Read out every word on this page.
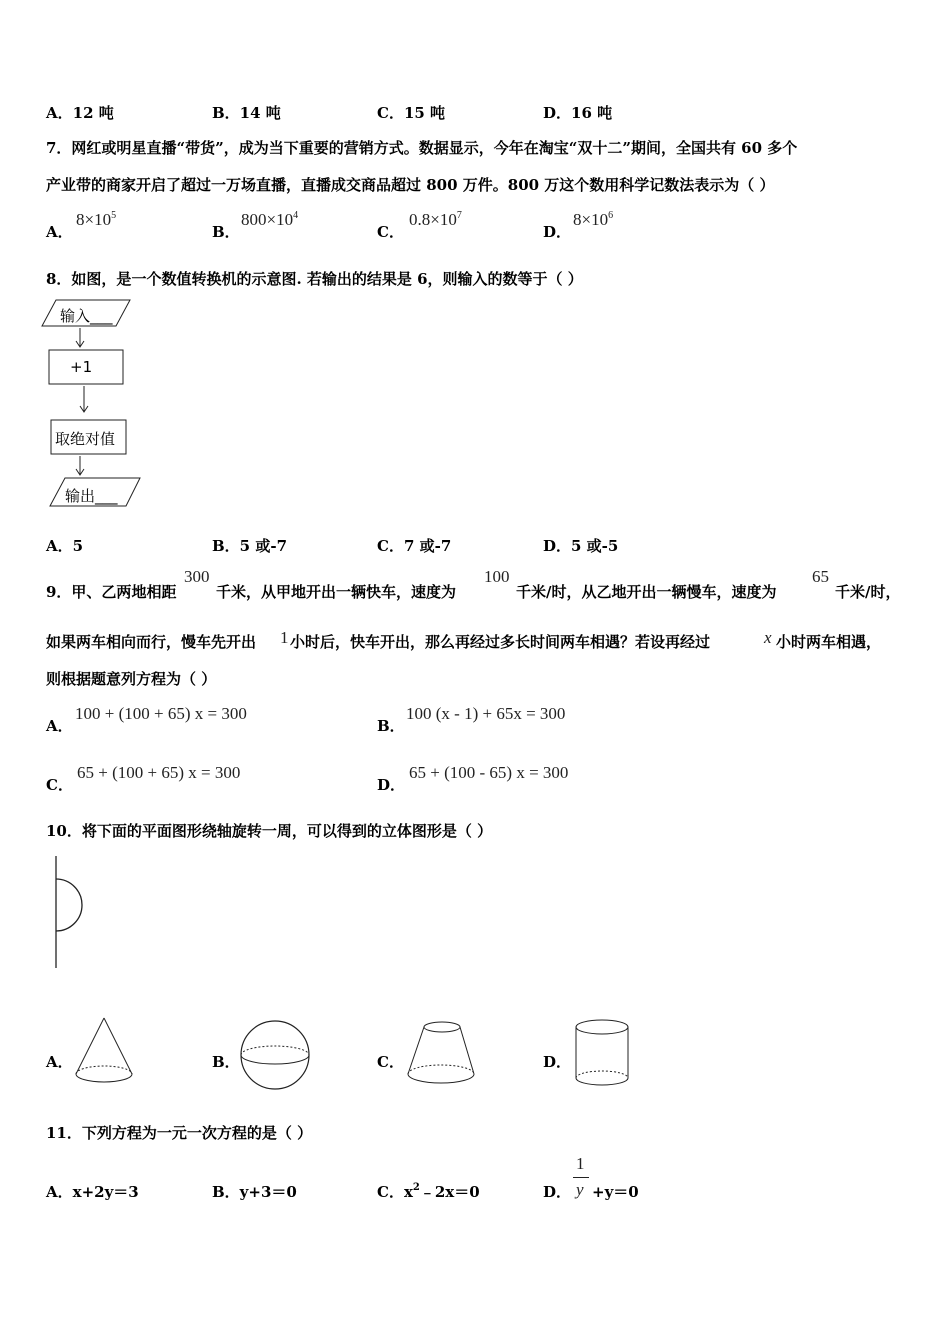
A．12 吨	B．14 吨	C．15 吨	D．16 吨
7．网红或明星直播“带货”，成为当下重要的营销方式。数据显示，今年在淘宝“双十二”期间，全国共有 60 多个
产业带的商家开启了超过一万场直播，直播成交商品超过 800 万件。800 万这个数用科学记数法表示为（ ）
A．
$8\times 10^5$
B．
$800\times 10^4$
C．
$0.8\times 10^7$
D．
$8\times 10^6$
8．如图，是一个数值转换机的示意图. 若输出的结果是 6，则输入的数等于（ ）
输入___
+1
取绝对值
输出___
A．5	B．5 或-7	C．7 或-7	D．5 或-5
9．甲、乙两地相距
300
千米，从甲地开出一辆快车，速度为
100
千米/时，从乙地开出一辆慢车，速度为
65
千米/时，
如果两车相向而行，慢车先开出 1 小时后，快车开出，那么再经过多长时间两车相遇？若设再经过	x 小时两车相遇，
则根据题意列方程为（ ）
A．
100 + (100 + 65) x = 300
B．
100 (x - 1) + 65x = 300
C．
65 + (100 + 65) x = 300
D．
65 + (100 - 65) x = 300
10．将下面的平面图形绕轴旋转一周，可以得到的立体图形是（ ）
A．	B．	C．	D．
11．下列方程为一元一次方程的是（ ）
A．x+2y＝3	B．y+3＝0	C．$x^2﹣2x=0$	D．
1
y +y＝0
